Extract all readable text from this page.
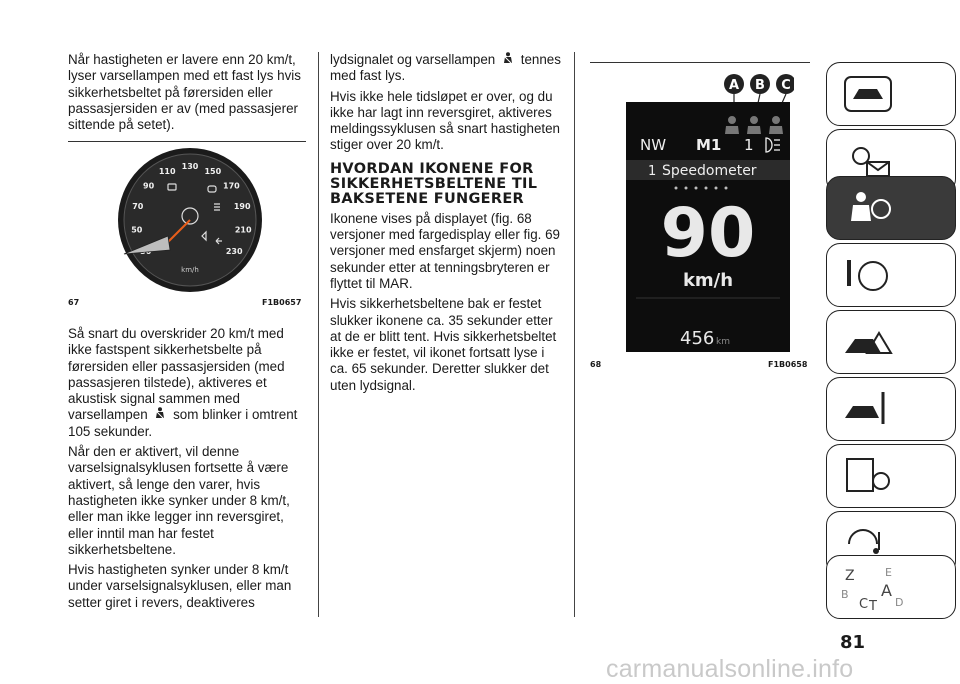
Når hastigheten er lavere enn 20 km/t, lyser varsellampen med ett fast lys hvis sikkerhetsbeltet på førersiden eller passasjersiden er av (med passasjerer sittende på setet).

50
70
90
110
130
150
170
190
210
230
km/h
67	F1B0657

Så snart du overskrider 20 km/t med ikke fastspent sikkerhetsbelte på førersiden eller passasjersiden (med passasjeren tilstede), aktiveres et akustisk signal sammen med varsellampen som blinker i omtrent 105 sekunder.

Når den er aktivert, vil denne varselsignalsyklusen fortsette å være aktivert, så lenge den varer, hvis hastigheten ikke synker under 8 km/t, eller man ikke legger inn reversgiret, eller inntil man har festet sikkerhetsbeltene.

Hvis hastigheten synker under 8 km/t under varselsignalsyklusen, eller man setter giret i revers, deaktiveres

lydsignalet og varsellampen tennes med fast lys.

Hvis ikke hele tidsløpet er over, og du ikke har lagt inn reversgiret, aktiveres meldingssyklusen så snart hastigheten stiger over 20 km/t.

HVORDAN IKONENE FOR SIKKERHETSBELTENE TIL BAKSETENE FUNGERER

Ikonene vises på displayet (fig. 68 versjoner med fargedisplay eller fig. 69 versjoner med ensfarget skjerm) noen sekunder etter at tenningsbryteren er flyttet til MAR.

Hvis sikkerhetsbeltene bak er festet slukker ikonene ca. 35 sekunder etter at de er blitt tent. Hvis sikkerhetsbeltet ikke er festet, vil ikonet fortsatt lyse i ca. 65 sekunder. Deretter slukker det uten lydsignal.

A B C
NW M1 1
1 Speedometer
90
km/h
456 km
68	F1B0658
Z	E
A
B
C T D
81
carmanualsonline.info
